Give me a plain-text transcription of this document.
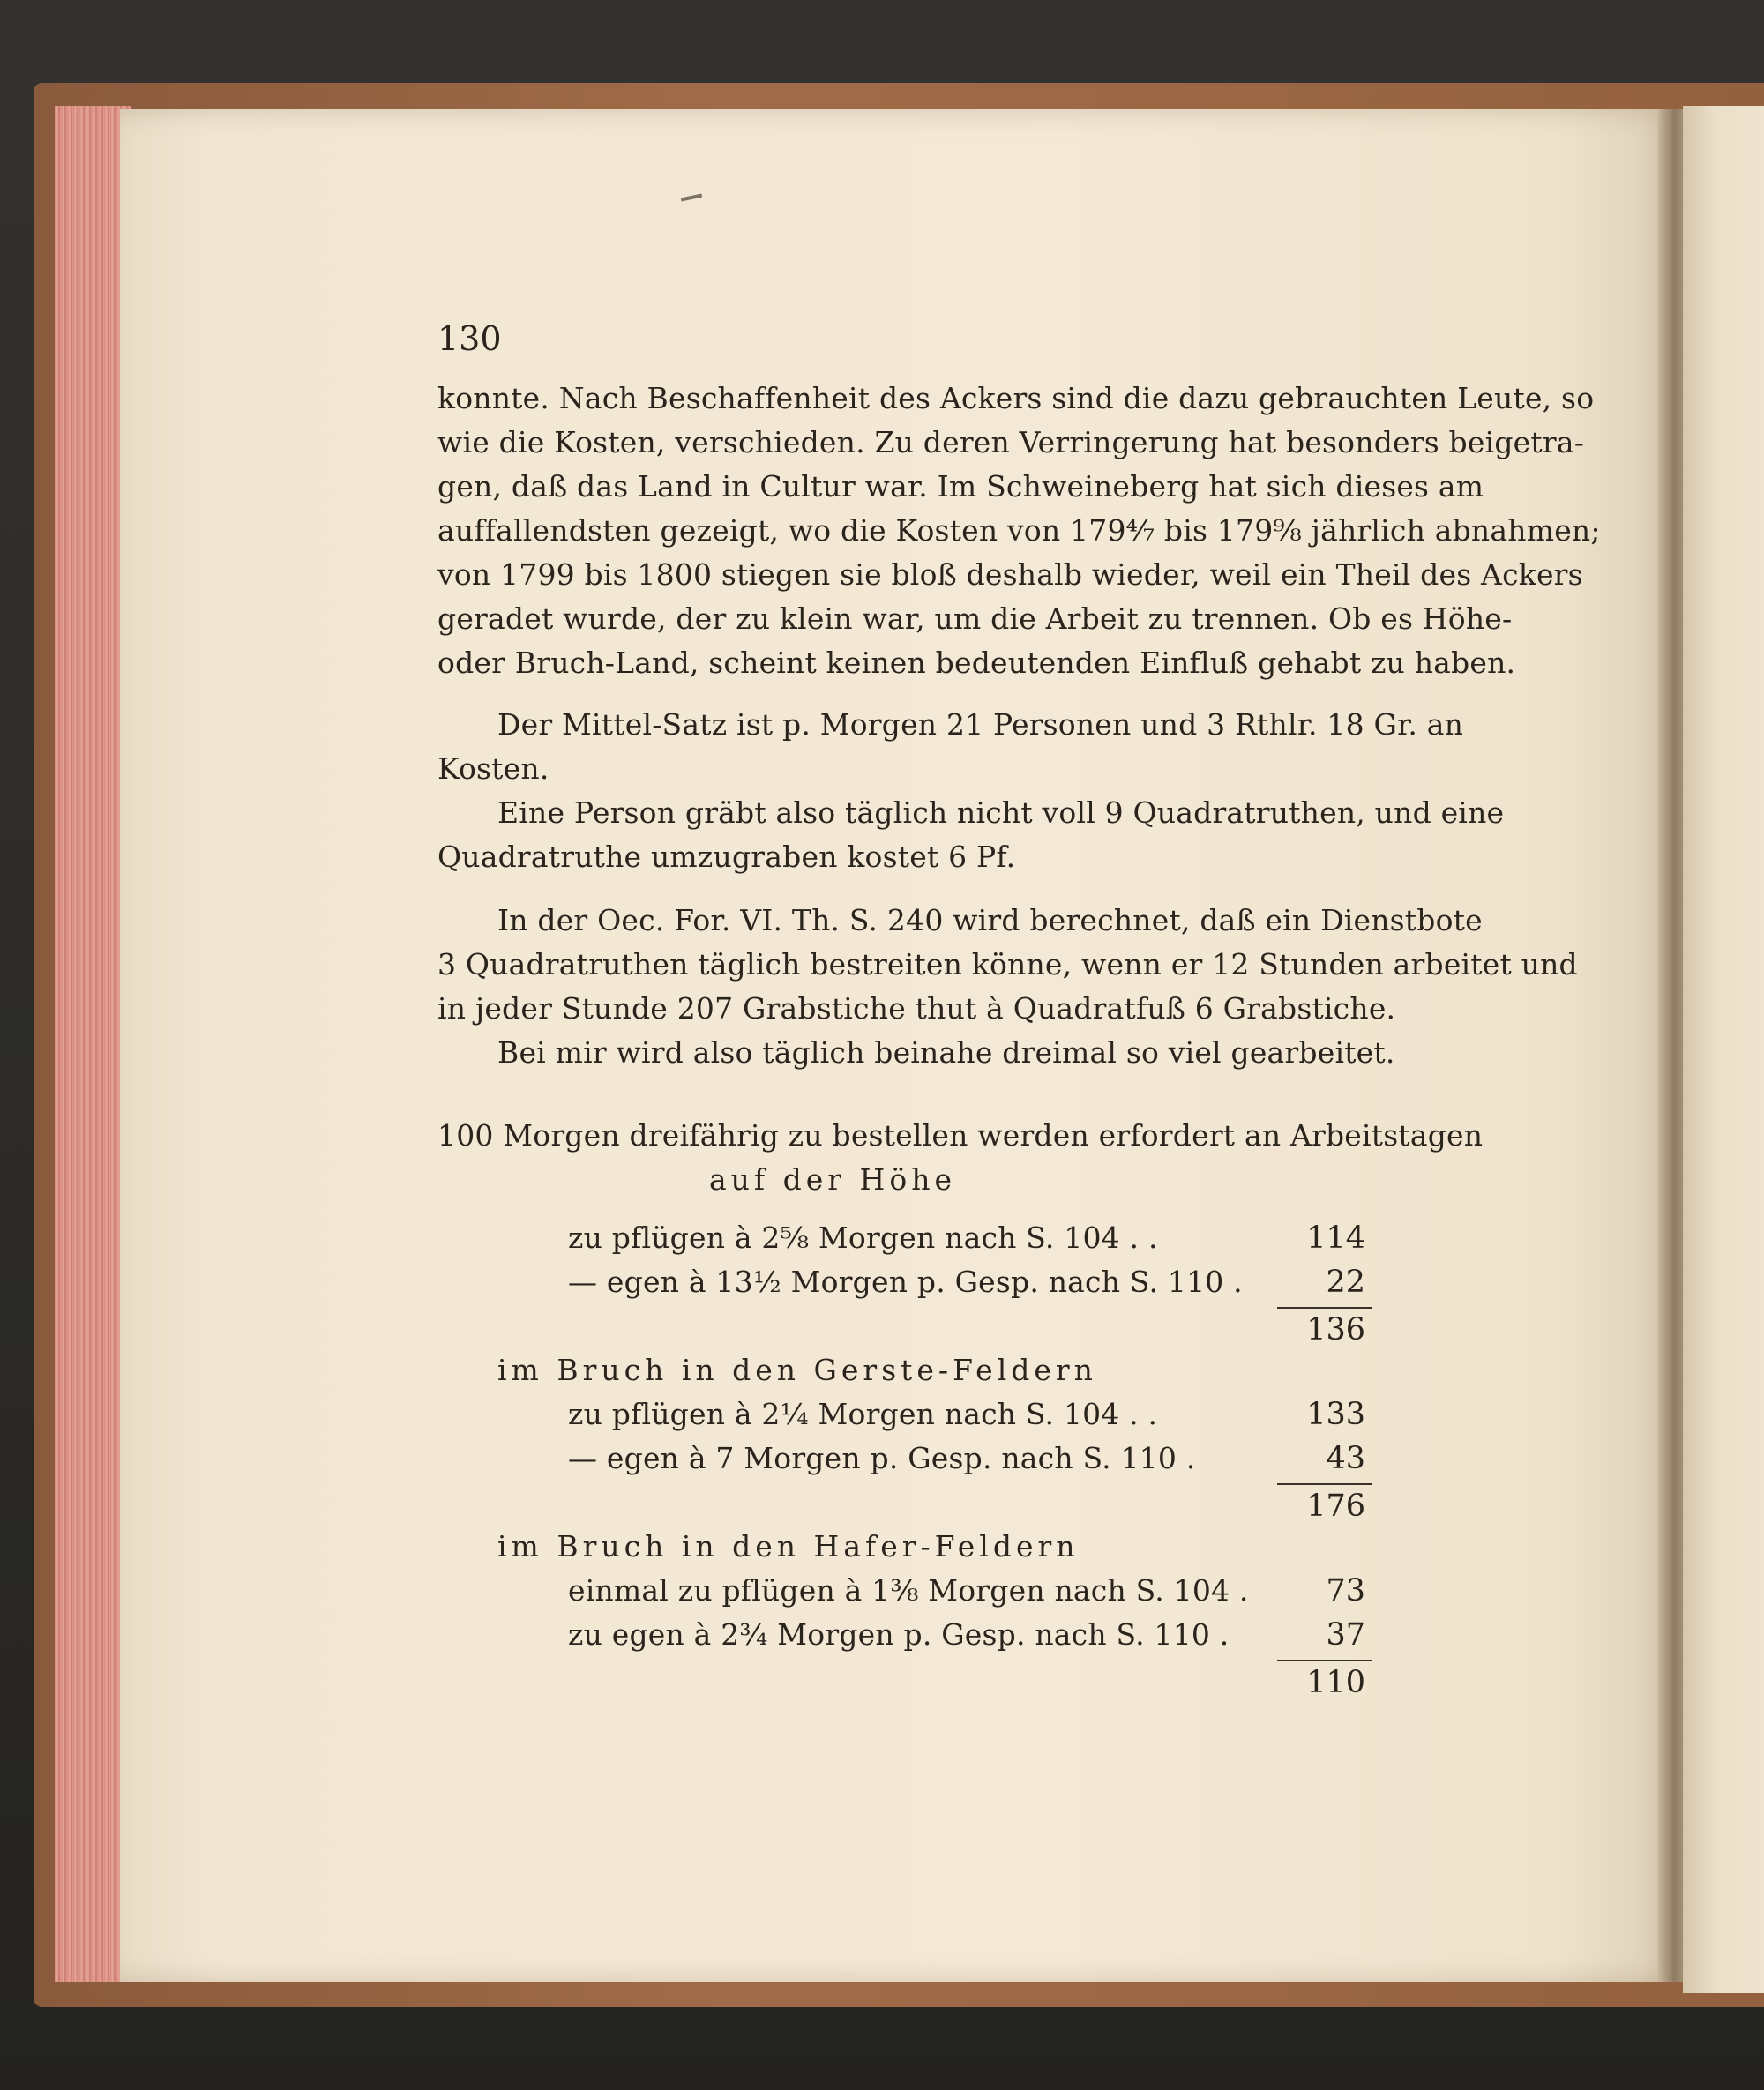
130
konnte. Nach Beschaffenheit des Ackers sind die dazu gebrauchten Leute, so
wie die Kosten, verschieden. Zu deren Verringerung hat besonders beigetra-
gen, daß das Land in Cultur war. Im Schweineberg hat sich dieses am
auffallendsten gezeigt, wo die Kosten von 179⁴⁄₇ bis 179⁹⁄₈ jährlich abnahmen;
von 1799 bis 1800 stiegen sie bloß deshalb wieder, weil ein Theil des Ackers
geradet wurde, der zu klein war, um die Arbeit zu trennen. Ob es Höhe-
oder Bruch-Land, scheint keinen bedeutenden Einfluß gehabt zu haben.
Der Mittel-Satz ist p. Morgen 21 Personen und 3 Rthlr. 18 Gr. an
Kosten.
Eine Person gräbt also täglich nicht voll 9 Quadratruthen, und eine
Quadratruthe umzugraben kostet 6 Pf.
In der Oec. For. VI. Th. S. 240 wird berechnet, daß ein Dienstbote
3 Quadratruthen täglich bestreiten könne, wenn er 12 Stunden arbeitet und
in jeder Stunde 207 Grabstiche thut à Quadratfuß 6 Grabstiche.
Bei mir wird also täglich beinahe dreimal so viel gearbeitet.
100 Morgen dreifährig zu bestellen werden erfordert an Arbeitstagen
auf der Höhe
zu pflügen à 2⁵⁄₈ Morgen nach S. 104 . .	114
— egen à 13½ Morgen p. Gesp. nach S. 110 .	22
136
im Bruch in den Gerste-Feldern
zu pflügen à 2¼ Morgen nach S. 104 . .	133
— egen à 7 Morgen p. Gesp. nach S. 110 .	43
176
im Bruch in den Hafer-Feldern
einmal zu pflügen à 1⅜ Morgen nach S. 104 .	73
zu egen à 2¾ Morgen p. Gesp. nach S. 110 .	37
110
